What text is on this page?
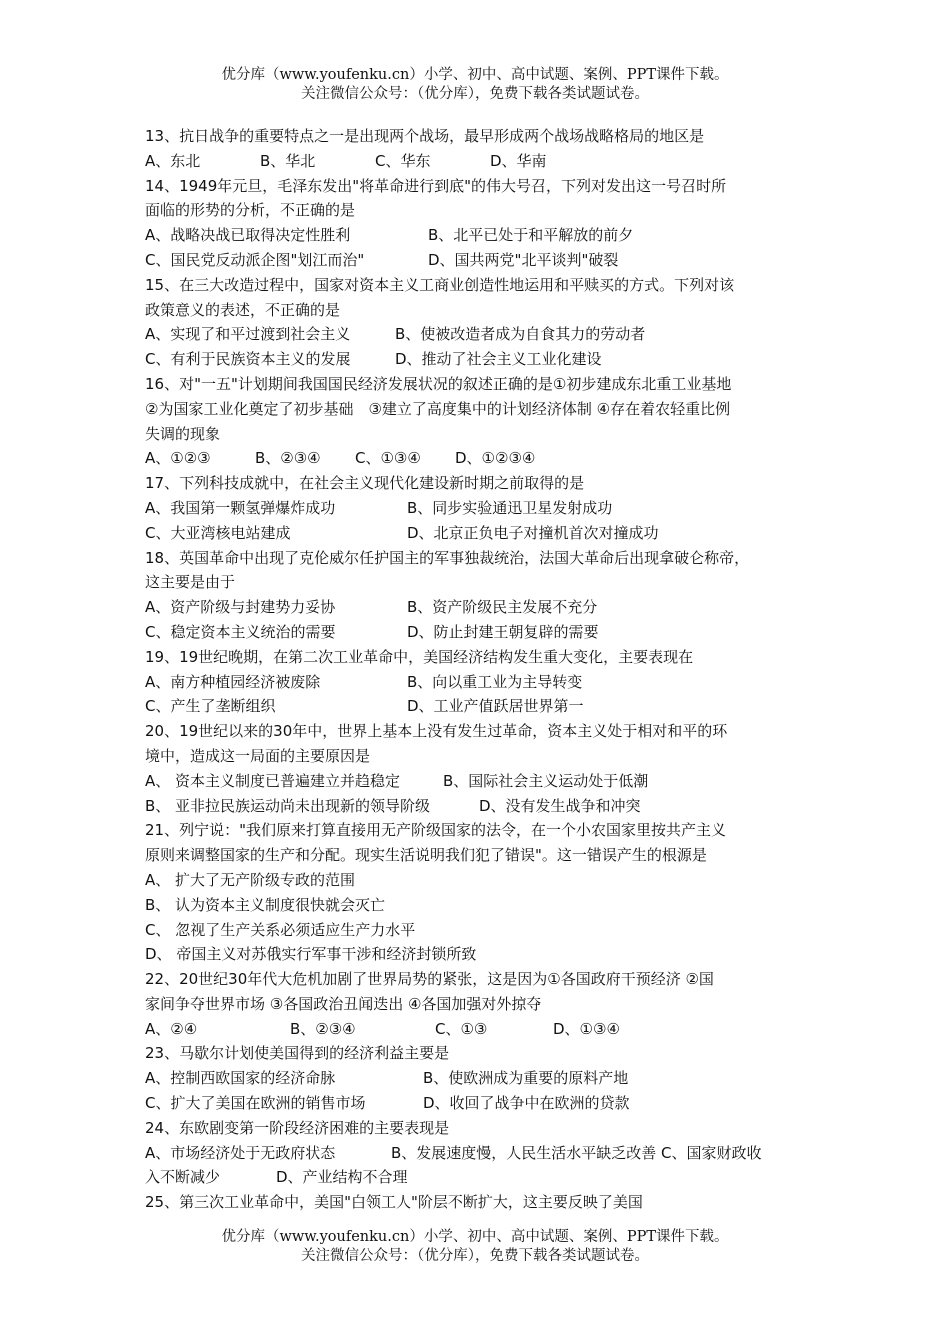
优分库（www.youfenku.cn）小学、初中、高中试题、案例、PPT课件下载。
关注微信公众号：（优分库），免费下载各类试题试卷。
13、抗日战争的重要特点之一是出现两个战场，最早形成两个战场战略格局的地区是
A、东北	B、华北	C、华东	D、华南
14、1949年元旦，毛泽东发出"将革命进行到底"的伟大号召，下列对发出这一号召时所
面临的形势的分析，不正确的是
A、战略决战已取得决定性胜利	B、北平已处于和平解放的前夕
C、国民党反动派企图"划江而治"	D、国共两党"北平谈判"破裂
15、在三大改造过程中，国家对资本主义工商业创造性地运用和平赎买的方式。下列对该
政策意义的表述，不正确的是
A、实现了和平过渡到社会主义	B、使被改造者成为自食其力的劳动者
C、有利于民族资本主义的发展	D、推动了社会主义工业化建设
16、对"一五"计划期间我国国民经济发展状况的叙述正确的是①初步建成东北重工业基地
②为国家工业化奠定了初步基础　③建立了高度集中的计划经济体制 ④存在着农轻重比例
失调的现象
A、①②③	B、②③④	C、①③④	D、①②③④
17、下列科技成就中，在社会主义现代化建设新时期之前取得的是
A、我国第一颗氢弹爆炸成功	B、同步实验通迅卫星发射成功
C、大亚湾核电站建成	D、北京正负电子对撞机首次对撞成功
18、英国革命中出现了克伦威尔任护国主的军事独裁统治，法国大革命后出现拿破仑称帝，
这主要是由于
A、资产阶级与封建势力妥协	B、资产阶级民主发展不充分
C、稳定资本主义统治的需要	D、防止封建王朝复辟的需要
19、19世纪晚期，在第二次工业革命中，美国经济结构发生重大变化，主要表现在
A、南方种植园经济被废除	B、向以重工业为主导转变
C、产生了垄断组织	D、工业产值跃居世界第一
20、19世纪以来的30年中，世界上基本上没有发生过革命，资本主义处于相对和平的环
境中，造成这一局面的主要原因是
A、 资本主义制度已普遍建立并趋稳定	B、国际社会主义运动处于低潮
B、 亚非拉民族运动尚未出现新的领导阶级	D、没有发生战争和冲突
21、列宁说："我们原来打算直接用无产阶级国家的法令，在一个小农国家里按共产主义
原则来调整国家的生产和分配。现实生活说明我们犯了错误"。这一错误产生的根源是
A、 扩大了无产阶级专政的范围
B、 认为资本主义制度很快就会灭亡
C、 忽视了生产关系必须适应生产力水平
D、 帝国主义对苏俄实行军事干涉和经济封锁所致
22、20世纪30年代大危机加剧了世界局势的紧张，这是因为①各国政府干预经济 ②国
家间争夺世界市场 ③各国政治丑闻迭出 ④各国加强对外掠夺
A、②④	B、②③④	C、①③	D、①③④
23、马歇尔计划使美国得到的经济利益主要是
A、控制西欧国家的经济命脉	B、使欧洲成为重要的原料产地
C、扩大了美国在欧洲的销售市场	D、收回了战争中在欧洲的贷款
24、东欧剧变第一阶段经济困难的主要表现是
A、市场经济处于无政府状态	B、发展速度慢，人民生活水平缺乏改善 C、国家财政收
入不断减少	D、产业结构不合理
25、第三次工业革命中，美国"白领工人"阶层不断扩大，这主要反映了美国
优分库（www.youfenku.cn）小学、初中、高中试题、案例、PPT课件下载。
关注微信公众号：（优分库），免费下载各类试题试卷。
